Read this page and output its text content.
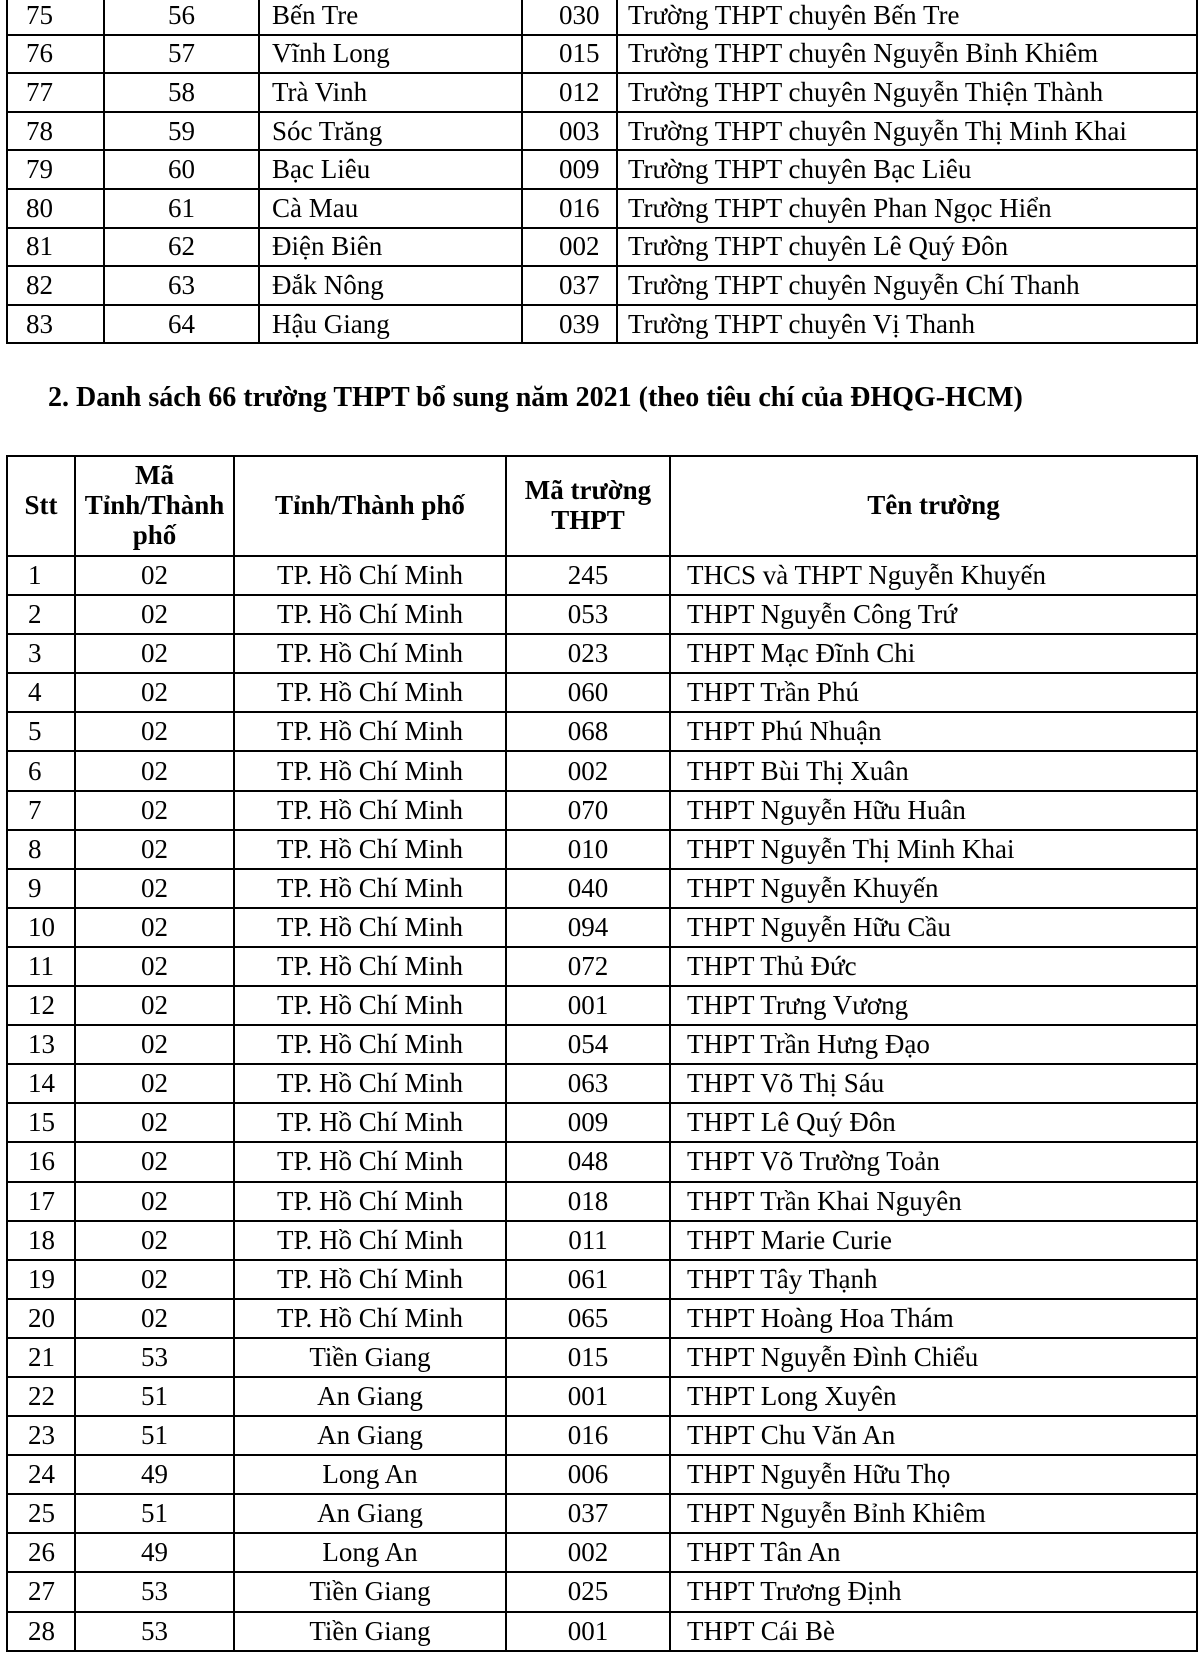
75	56	Bến Tre	030	Trường THPT chuyên Bến Tre
76	57	Vĩnh Long	015	Trường THPT chuyên Nguyễn Bỉnh Khiêm
77	58	Trà Vinh	012	Trường THPT chuyên Nguyễn Thiện Thành
78	59	Sóc Trăng	003	Trường THPT chuyên Nguyễn Thị Minh Khai
79	60	Bạc Liêu	009	Trường THPT chuyên Bạc Liêu
80	61	Cà Mau	016	Trường THPT chuyên Phan Ngọc Hiển
81	62	Điện Biên	002	Trường THPT chuyên Lê Quý Đôn
82	63	Đắk Nông	037	Trường THPT chuyên Nguyễn Chí Thanh
83	64	Hậu Giang	039	Trường THPT chuyên Vị Thanh
2. Danh sách 66 trường THPT bổ sung năm 2021 (theo tiêu chí của ĐHQG-HCM)
Stt	Mã Tỉnh/Thành phố	Tỉnh/Thành phố	Mã trường THPT	Tên trường
1	02	TP. Hồ Chí Minh	245	THCS và THPT Nguyễn Khuyến
2	02	TP. Hồ Chí Minh	053	THPT Nguyễn Công Trứ
3	02	TP. Hồ Chí Minh	023	THPT Mạc Đĩnh Chi
4	02	TP. Hồ Chí Minh	060	THPT Trần Phú
5	02	TP. Hồ Chí Minh	068	THPT Phú Nhuận
6	02	TP. Hồ Chí Minh	002	THPT Bùi Thị Xuân
7	02	TP. Hồ Chí Minh	070	THPT Nguyễn Hữu Huân
8	02	TP. Hồ Chí Minh	010	THPT Nguyễn Thị Minh Khai
9	02	TP. Hồ Chí Minh	040	THPT Nguyễn Khuyến
10	02	TP. Hồ Chí Minh	094	THPT Nguyễn Hữu Cầu
11	02	TP. Hồ Chí Minh	072	THPT Thủ Đức
12	02	TP. Hồ Chí Minh	001	THPT Trưng Vương
13	02	TP. Hồ Chí Minh	054	THPT Trần Hưng Đạo
14	02	TP. Hồ Chí Minh	063	THPT Võ Thị Sáu
15	02	TP. Hồ Chí Minh	009	THPT Lê Quý Đôn
16	02	TP. Hồ Chí Minh	048	THPT Võ Trường Toản
17	02	TP. Hồ Chí Minh	018	THPT Trần Khai Nguyên
18	02	TP. Hồ Chí Minh	011	THPT Marie Curie
19	02	TP. Hồ Chí Minh	061	THPT Tây Thạnh
20	02	TP. Hồ Chí Minh	065	THPT Hoàng Hoa Thám
21	53	Tiền Giang	015	THPT Nguyễn Đình Chiểu
22	51	An Giang	001	THPT Long Xuyên
23	51	An Giang	016	THPT Chu Văn An
24	49	Long An	006	THPT Nguyễn Hữu Thọ
25	51	An Giang	037	THPT Nguyễn Bỉnh Khiêm
26	49	Long An	002	THPT Tân An
27	53	Tiền Giang	025	THPT Trương Định
28	53	Tiền Giang	001	THPT Cái Bè
